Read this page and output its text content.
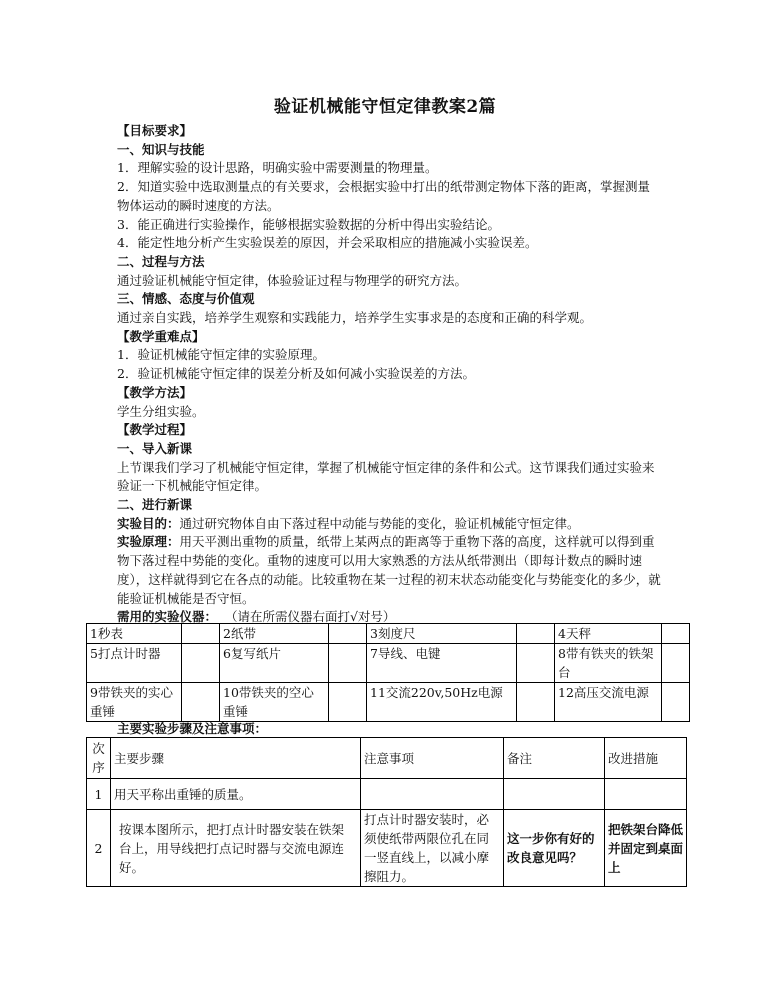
验证机械能守恒定律教案2篇

【目标要求】

一、知识与技能

1．理解实验的设计思路，明确实验中需要测量的物理量。

2．知道实验中选取测量点的有关要求，会根据实验中打出的纸带测定物体下落的距离，掌握测量物体运动的瞬时速度的方法。

3．能正确进行实验操作，能够根据实验数据的分析中得出实验结论。

4．能定性地分析产生实验误差的原因，并会采取相应的措施减小实验误差。

二、过程与方法

通过验证机械能守恒定律，体验验证过程与物理学的研究方法。

三、情感、态度与价值观

通过亲自实践，培养学生观察和实践能力，培养学生实事求是的态度和正确的科学观。

【教学重难点】

1．验证机械能守恒定律的实验原理。

2．验证机械能守恒定律的误差分析及如何减小实验误差的方法。

【教学方法】

学生分组实验。

【教学过程】

一、导入新课

上节课我们学习了机械能守恒定律，掌握了机械能守恒定律的条件和公式。这节课我们通过实验来验证一下机械能守恒定律。

二、进行新课

实验目的：通过研究物体自由下落过程中动能与势能的变化，验证机械能守恒定律。

实验原理：用天平测出重物的质量，纸带上某两点的距离等于重物下落的高度，这样就可以得到重物下落过程中势能的变化。重物的速度可以用大家熟悉的方法从纸带测出（即每计数点的瞬时速度），这样就得到它在各点的动能。比较重物在某一过程的初末状态动能变化与势能变化的多少，就能验证机械能是否守恒。

需用的实验仪器： （请在所需仪器右面打√对号）

1秒表		2纸带		3刻度尺		4天秤	
5打点计时器		6复写纸片		7导线、电键		8带有铁夹的铁架台	
9带铁夹的实心重锤		10带铁夹的空心重锤		11交流220v,50Hz电源		12高压交流电源	
主要实验步骤及注意事项：
次序	主要步骤	注意事项	备注	改进措施
1	用天平称出重锤的质量。			
2	按课本图所示，把打点计时器安装在铁架台上，用导线把打点记时器与交流电源连好。	打点计时器安装时，必须使纸带两限位孔在同一竖直线上，以减小摩擦阻力。	这一步你有好的改良意见吗？	把铁架台降低并固定到桌面上
